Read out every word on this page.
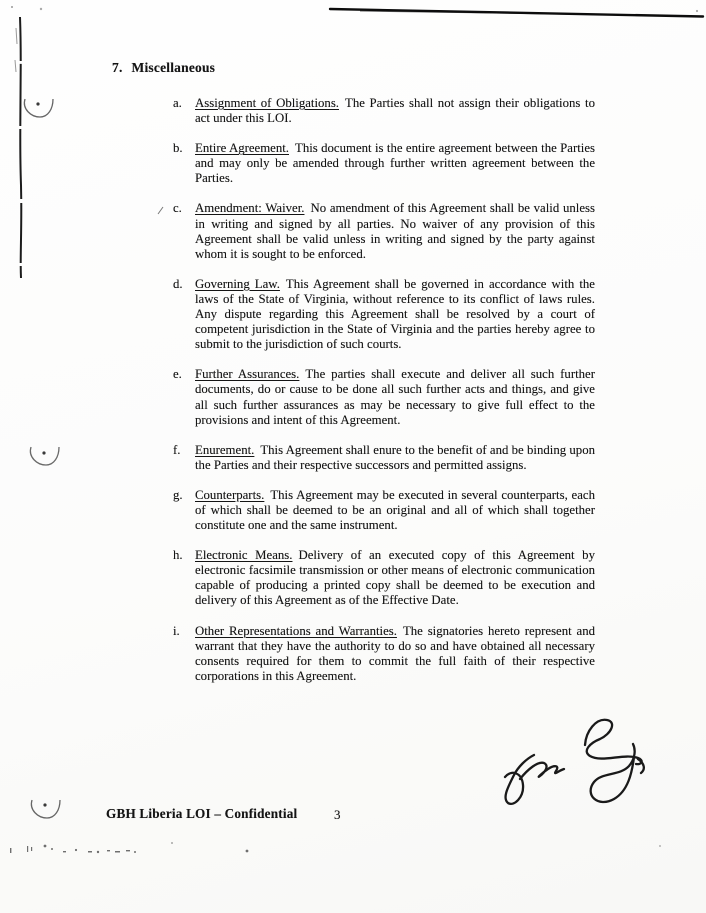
7. Miscellaneous
a.	Assignment of Obligations. The Parties shall not assign their obligations to act under this LOI.

b. Entire Agreement. This document is the entire agreement between the Parties and may only be amended through further written agreement between the Parties.

c.	Amendment: Waiver. No amendment of this Agreement shall be valid unless in writing and signed by all parties. No waiver of any provision of this Agreement shall be valid unless in writing and signed by the party against whom it is sought to be enforced.

d. Governing Law. This Agreement shall be governed in accordance with the laws of the State of Virginia, without reference to its conflict of laws rules. Any dispute regarding this Agreement shall be resolved by a court of competent jurisdiction in the State of Virginia and the parties hereby agree to submit to the jurisdiction of such courts.

e.	Further Assurances. The parties shall execute and deliver all such further documents, do or cause to be done all such further acts and things, and give all such further assurances as may be necessary to give full effect to the provisions and intent of this Agreement.

f.	Enurement. This Agreement shall enure to the benefit of and be binding upon the Parties and their respective successors and permitted assigns.

g. Counterparts. This Agreement may be executed in several counterparts, each of which shall be deemed to be an original and all of which shall together constitute one and the same instrument.

h. Electronic Means. Delivery of an executed copy of this Agreement by electronic facsimile transmission or other means of electronic communication capable of producing a printed copy shall be deemed to be execution and delivery of this Agreement as of the Effective Date.

i.	Other Representations and Warranties. The signatories hereto represent and warrant that they have the authority to do so and have obtained all necessary consents required for them to commit the full faith of their respective corporations in this Agreement.

GBH Liberia LOI – Confidential	3
